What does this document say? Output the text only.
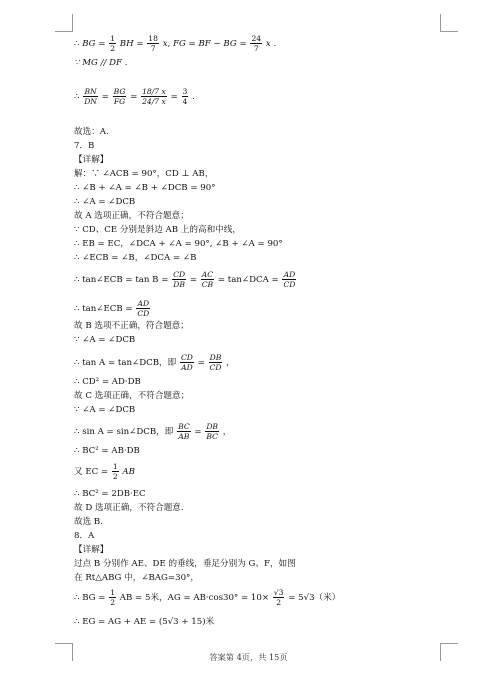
∴ BG = $\frac{1}{2}$ BH = $\frac{18}{7} x$, FG = BF − BG = $\frac{24}{7}$ x .
∵ MG // DF .
∴ $\frac{BN}{DN} = \frac{BG}{FG} = \frac{18/7 x}{24/7 x} = \frac{3}{4}$ .
故选：A.
7．B
【详解】
解：∵ ∠ACB = 90°，CD ⊥ AB，
∴ ∠B + ∠A = ∠B + ∠DCB = 90°
∴ ∠A = ∠DCB
故 A 选项正确，不符合题意；
∵ CD、CE 分别是斜边 AB 上的高和中线，
∴ EB = EC，∠DCA + ∠A = 90°, ∠B + ∠A = 90°
∴ ∠ECB = ∠B，∠DCA = ∠B
∴ tan∠ECB = $\tan B = \frac{CD}{DB} = \frac{AC}{CB}$ = tan∠DCA = $\frac{AD}{CD}$
∴ tan∠ECB = $\frac{AD}{CD}$
故 B 选项不正确，符合题意；
∵ ∠A = ∠DCB
∴ tan A = tan∠DCB，即 $\frac{CD}{AD} = \frac{DB}{CD}$ ，
∴ CD² = AD·DB
故 C 选项正确，不符合题意；
∵ ∠A = ∠DCB
∴ sin A = sin∠DCB，即 $\frac{BC}{AB} = \frac{DB}{BC}$ ，
∴ BC² = AB·DB
又 EC = $\frac{1}{2}$ AB
∴ BC² = 2DB·EC
故 D 选项正确，不符合题意.
故选 B.
8．A
【详解】
过点 B 分别作 AE、DE 的垂线，垂足分别为 G、F，如图
在 Rt△ABG 中，∠BAG=30°，
∴ BG = $\frac{1}{2}$ AB = 5米，AG = $AB\cdot\cos 30^\circ = 10\times \frac{√3}{2} = 5√3$（米）
∴ EG = AG + AE = (5√3 + 15)米
答案第 4页，共 15页
